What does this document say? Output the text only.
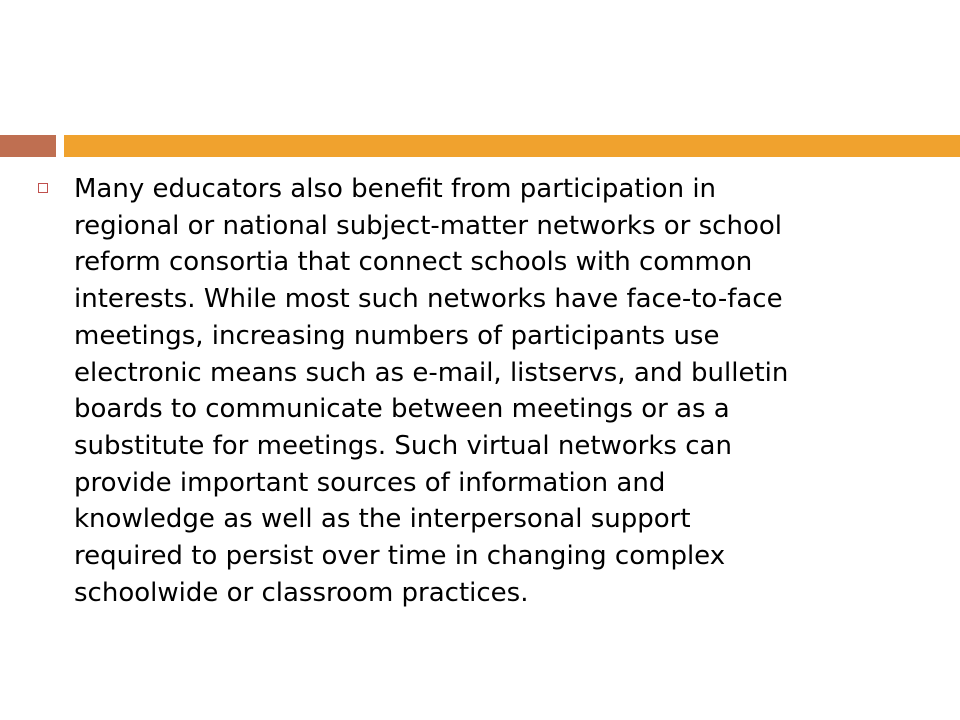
Many educators also benefit from participation in
regional or national subject-matter networks or school
reform consortia that connect schools with common
interests. While most such networks have face-to-face
meetings, increasing numbers of participants use
electronic means such as e-mail, listservs, and bulletin
boards to communicate between meetings or as a
substitute for meetings. Such virtual networks can
provide important sources of information and
knowledge as well as the interpersonal support
required to persist over time in changing complex
schoolwide or classroom practices.
